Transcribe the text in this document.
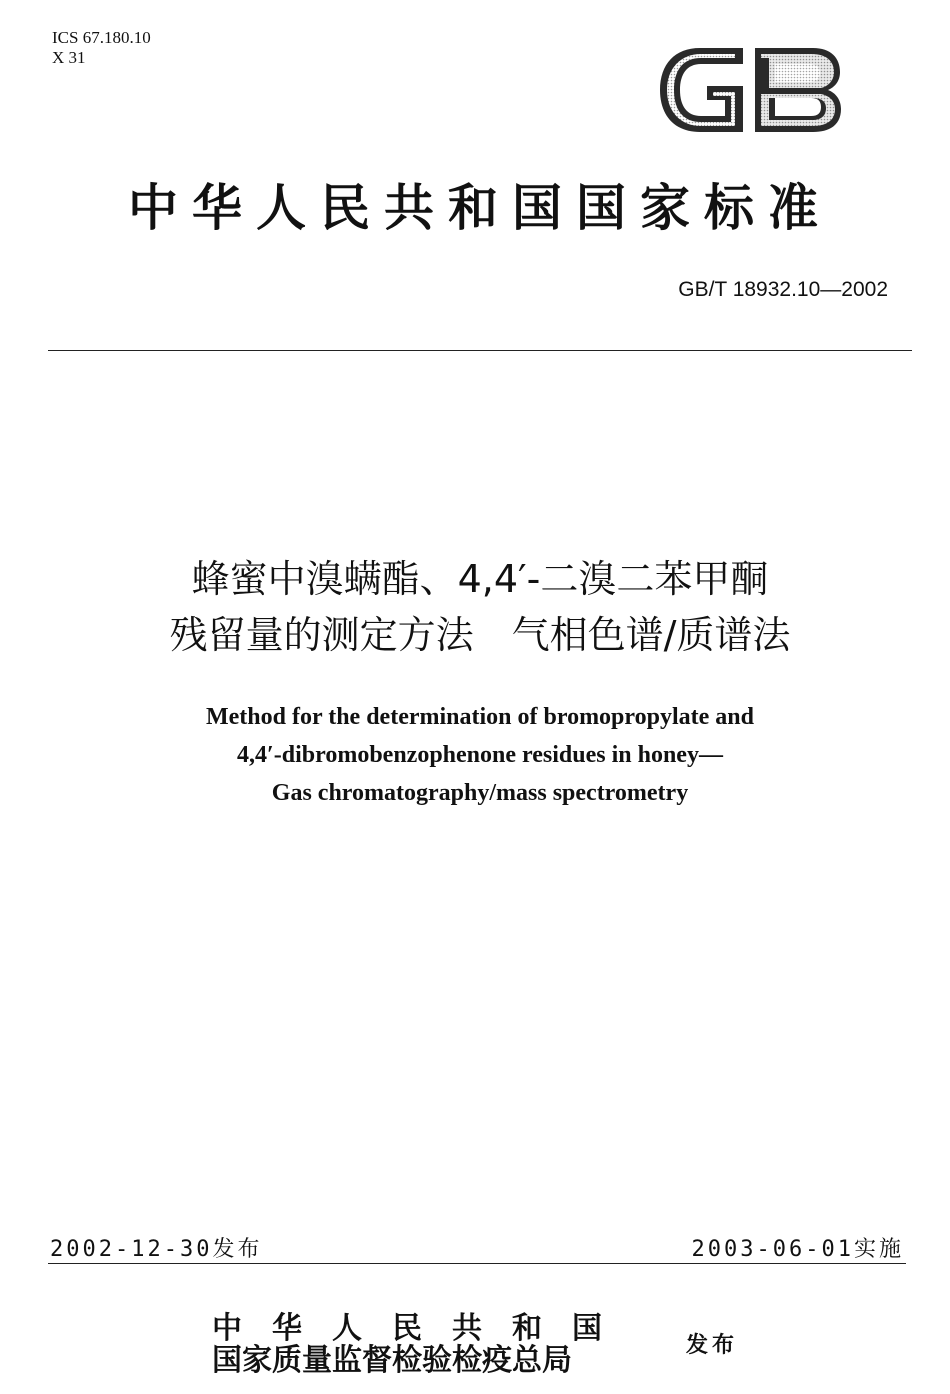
ICS 67.180.10
X 31
GB
中华人民共和国国家标准
GB/T 18932.10—2002
蜂蜜中溴螨酯、4,4′-二溴二苯甲酮
残留量的测定方法　气相色谱/质谱法
Method for the determination of bromopropylate and
4,4′-dibromobenzophenone residues in honey—
Gas chromatography/mass spectrometry
2002-12-30发布	2003-06-01实施
中华人民共和国
国家质量监督检验检疫总局	发布
